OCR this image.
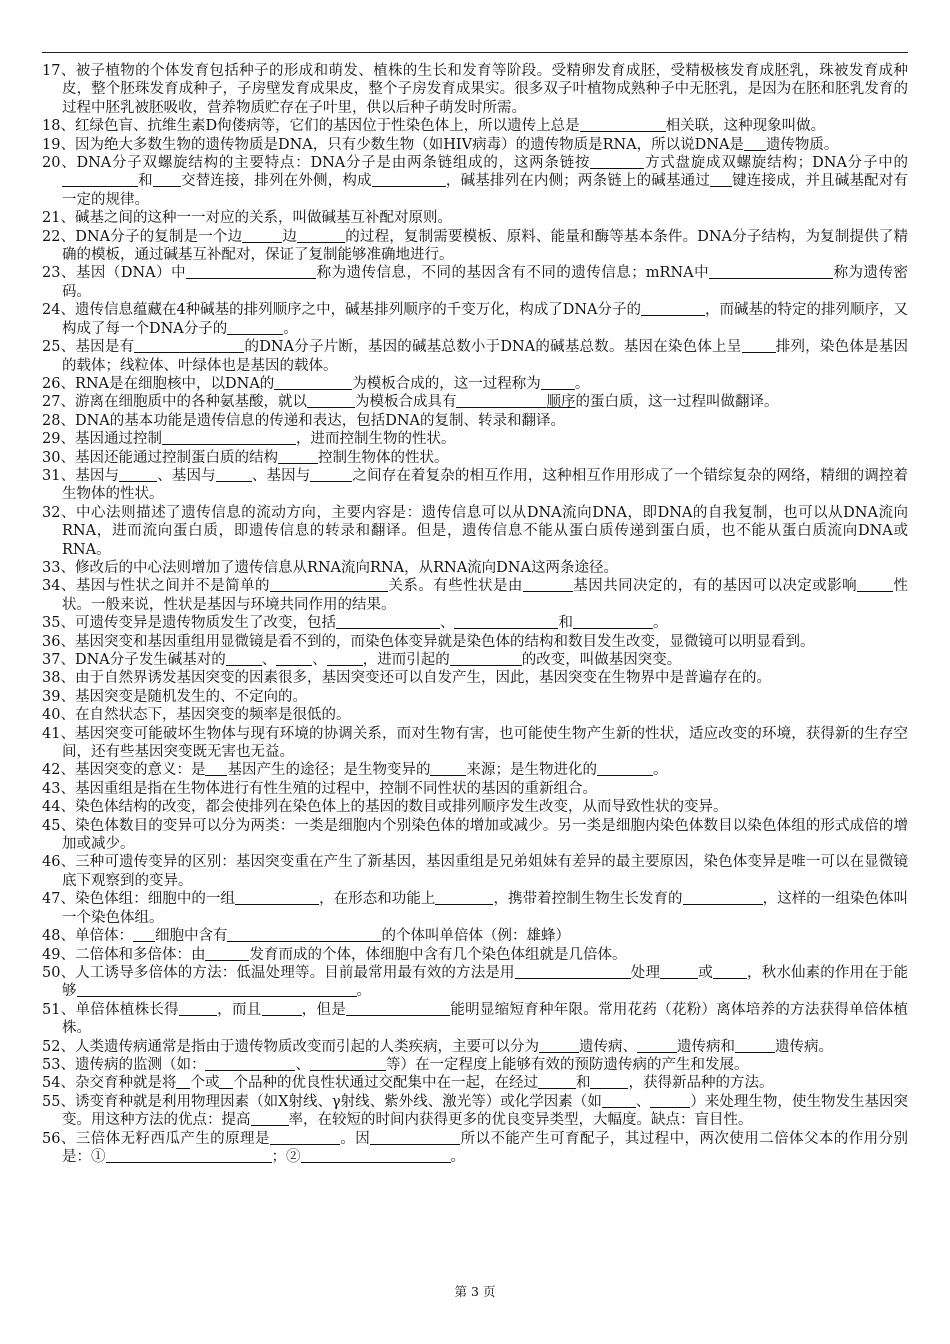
17、被子植物的个体发育包括种子的形成和萌发、植株的生长和发育等阶段。受精卵发育成胚，受精极核发育成胚乳，珠被发育成种皮，整个胚珠发育成种子，子房壁发育成果皮，整个子房发育成果实。很多双子叶植物成熟种子中无胚乳，是因为在胚和胚乳发育的过程中胚乳被胚吸收，营养物质贮存在子叶里，供以后种子萌发时所需。

18、红绿色盲、抗维生素D佝偻病等，它们的基因位于性染色体上，所以遗传上总是	相关联，这种现象叫做。

19、因为绝大多数生物的遗传物质是DNA，只有少数生物（如HIV病毒）的遗传物质是RNA，所以说DNA是 遗传物质。

20、DNA分子双螺旋结构的主要特点：DNA分子是由两条链组成的，这两条链按	方式盘旋成双螺旋结构；DNA分子中的和 交替连接，排列在外侧，构成	，碱基排列在内侧；两条链上的碱基通过 键连接成，并且碱基配对有一定的规律。

21、碱基之间的这种一一对应的关系，叫做碱基互补配对原则。

22、DNA分子的复制是一个边	边	的过程，复制需要模板、原料、能量和酶等基本条件。DNA分子结构，为复制提供了精确的模板，通过碱基互补配对，保证了复制能够准确地进行。

23、基因（DNA）中	称为遗传信息，不同的基因含有不同的遗传信息；mRNA中	称为遗传密码。

24、遗传信息蕴藏在4种碱基的排列顺序之中，碱基排列顺序的千变万化，构成了DNA分子的	，而碱基的特定的排列顺序，又构成了每一个DNA分子的	。

25、基因是有	的DNA分子片断，基因的碱基总数小于DNA的碱基总数。基因在染色体上呈 排列，染色体是基因的载体；线粒体、叶绿体也是基因的载体。

26、RNA是在细胞核中，以DNA的	为模板合成的，这一过程称为 。

27、游离在细胞质中的各种氨基酸，就以	为模板合成具有	顺序的蛋白质，这一过程叫做翻译。

28、DNA的基本功能是遗传信息的传递和表达，包括DNA的复制、转录和翻译。

29、基因通过控制	，进而控制生物的性状。

30、基因还能通过控制蛋白质的结构	控制生物体的性状。

31、基因与	、基因与 、基因与	之间存在着复杂的相互作用，这种相互作用形成了一个错综复杂的网络，精细的调控着生物体的性状。

32、中心法则描述了遗传信息的流动方向，主要内容是：遗传信息可以从DNA流向DNA，即DNA的自我复制，也可以从DNA流向RNA，进而流向蛋白质，即遗传信息的转录和翻译。但是，遗传信息不能从蛋白质传递到蛋白质，也不能从蛋白质流向DNA或RNA。

33、修改后的中心法则增加了遗传信息从RNA流向RNA，从RNA流向DNA这两条途径。

34、基因与性状之间并不是简单的	关系。有些性状是由	基因共同决定的，有的基因可以决定或影响 性状。一般来说，性状是基因与环境共同作用的结果。

35、可遗传变异是遗传物质发生了改变，包括	、	和	。

36、基因突变和基因重组用显微镜是看不到的，而染色体变异就是染色体的结构和数目发生改变，显微镜可以明显看到。

37、DNA分子发生碱基对的 、 、 ，进而引起的	的改变，叫做基因突变。

38、由于自然界诱发基因突变的因素很多，基因突变还可以自发产生，因此，基因突变在生物界中是普遍存在的。

39、基因突变是随机发生的、不定向的。

40、在自然状态下，基因突变的频率是很低的。

41、基因突变可能破坏生物体与现有环境的协调关系，而对生物有害，也可能使生物产生新的性状，适应改变的环境，获得新的生存空间，还有些基因突变既无害也无益。

42、基因突变的意义：是 基因产生的途径；是生物变异的 来源；是生物进化的	。

43、基因重组是指在生物体进行有性生殖的过程中，控制不同性状的基因的重新组合。

44、染色体结构的改变，都会使排列在染色体上的基因的数目或排列顺序发生改变，从而导致性状的变异。

45、染色体数目的变异可以分为两类：一类是细胞内个别染色体的增加或减少。另一类是细胞内染色体数目以染色体组的形式成倍的增加或减少。

46、三种可遗传变异的区别：基因突变重在产生了新基因，基因重组是兄弟姐妹有差异的最主要原因，染色体变异是唯一可以在显微镜底下观察到的变异。

47、染色体组：细胞中的一组	，在形态和功能上	，携带着控制生物生长发育的	，这样的一组染色体叫一个染色体组。

48、单倍体： 细胞中含有	的个体叫单倍体（例：雄蜂）

49、二倍体和多倍体：由	发育而成的个体，体细胞中含有几个染色体组就是几倍体。

50、人工诱导多倍体的方法：低温处理等。目前最常用最有效的方法是用	处理	或 ，秋水仙素的作用在于能够	。

51、单倍体植株长得	，而且	，但是	能明显缩短育种年限。常用花药（花粉）离体培养的方法获得单倍体植株。

52、人类遗传病通常是指由于遗传物质改变而引起的人类疾病，主要可以分为	遗传病、	遗传病和	遗传病。

53、遗传病的监测（如：	、	等）在一定程度上能够有效的预防遗传病的产生和发展。

54、杂交育种就是将 个或 个品种的优良性状通过交配集中在一起，在经过	和	，获得新品种的方法。

55、诱变育种就是利用物理因素（如X射线、γ射线、紫外线、激光等）或化学因素（如 、	）来处理生物，使生物发生基因突变。用这种方法的优点：提高	率，在较短的时间内获得更多的优良变异类型，大幅度。缺点：盲目性。

56、三倍体无籽西瓜产生的原理是	。因	所以不能产生可育配子，其过程中，两次使用二倍体父本的作用分别是：①	；②	。

第 3 页
